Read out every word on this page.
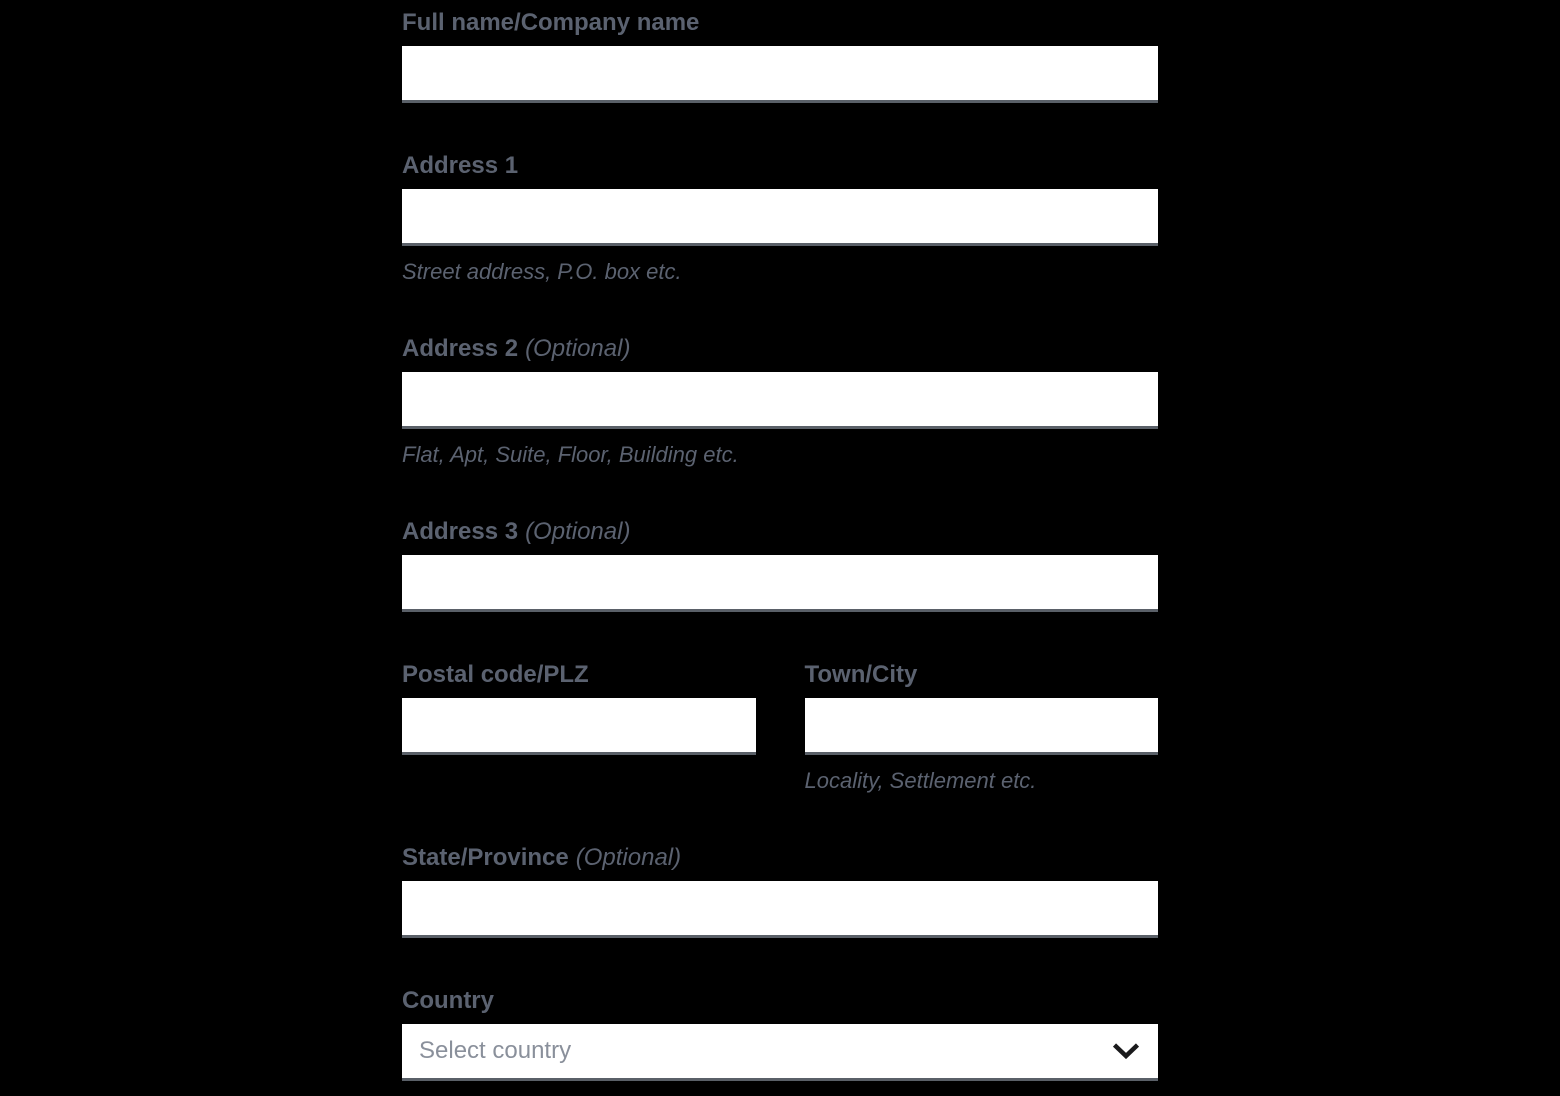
Full name/Company name
Address 1
Street address, P.O. box etc.
Address 2 (Optional)
Flat, Apt, Suite, Floor, Building etc.
Address 3 (Optional)
Postal code/PLZ	Town/City
Locality, Settlement etc.
State/Province (Optional)
Country
Select country
